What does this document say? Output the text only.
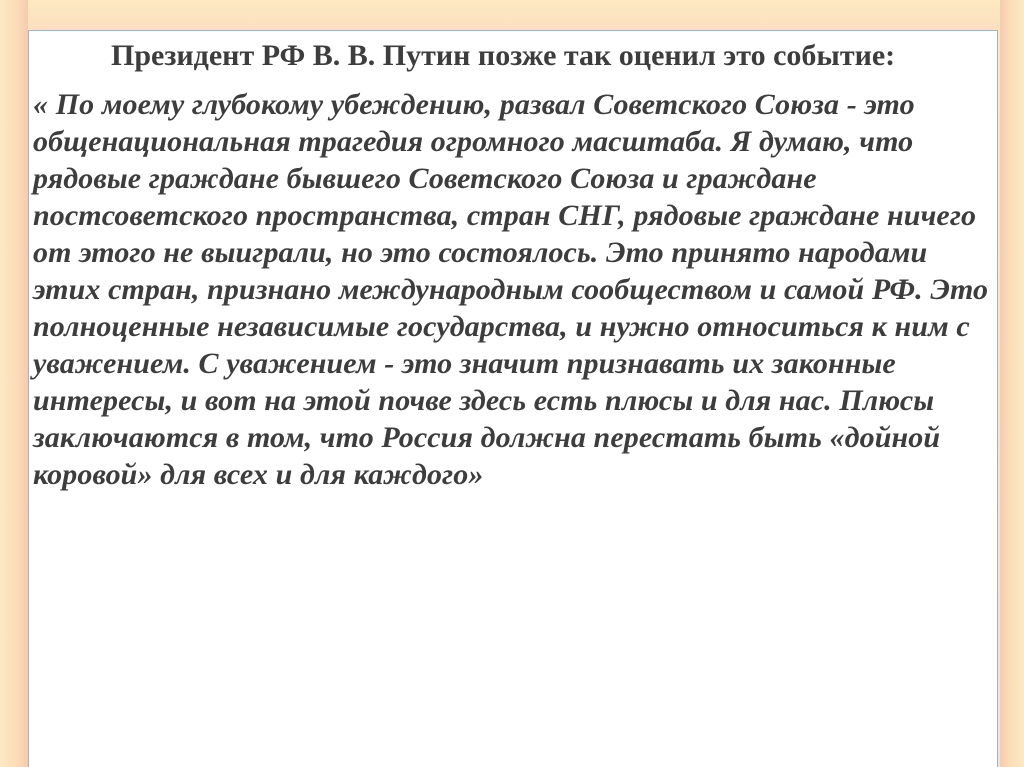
Президент РФ В. В. Путин позже так оценил это событие:

« По моему глубокому убеждению, развал Советского Союза - это общенациональная трагедия огромного масштаба. Я думаю, что рядовые граждане бывшего Советского Союза и граждане постсоветского пространства, стран СНГ, рядовые граждане ничего от этого не выиграли, но это состоялось. Это принято народами этих стран, признано международным сообществом и самой РФ. Это полноценные независимые государства, и нужно относиться к ним с уважением. С уважением - это значит признавать их законные интересы, и вот на этой почве здесь есть плюсы и для нас. Плюсы заключаются в том, что Россия должна перестать быть «дойной коровой» для всех и для каждого»
